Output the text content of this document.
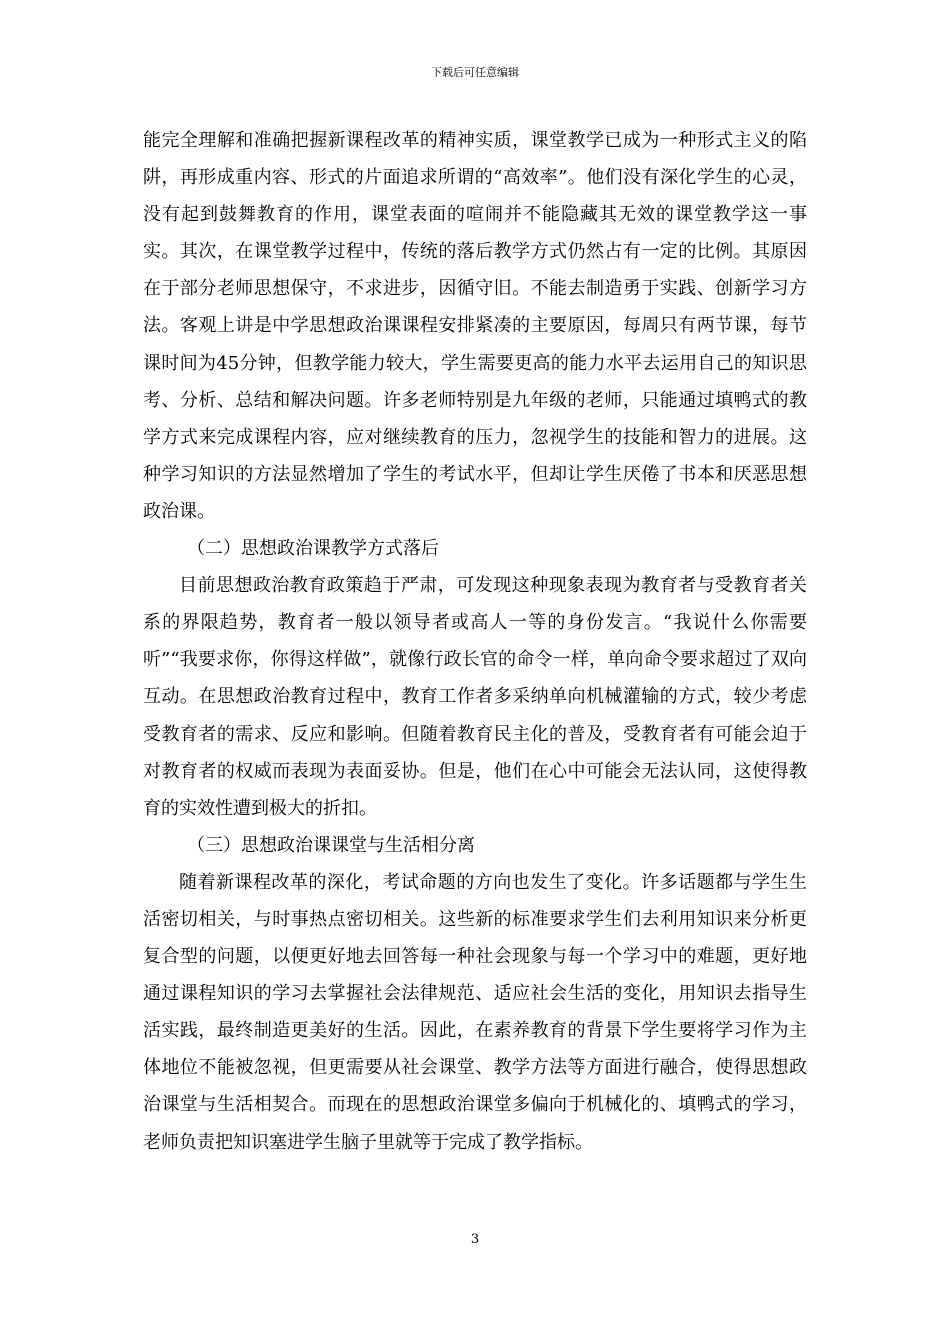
下载后可任意编辑

能完全理解和准确把握新课程改革的精神实质，课堂教学已成为一种形式主义的陷阱，再形成重内容、形式的片面追求所谓的“高效率”。他们没有深化学生的心灵，没有起到鼓舞教育的作用，课堂表面的喧闹并不能隐藏其无效的课堂教学这一事实。其次，在课堂教学过程中，传统的落后教学方式仍然占有一定的比例。其原因在于部分老师思想保守，不求进步，因循守旧。不能去制造勇于实践、创新学习方法。客观上讲是中学思想政治课课程安排紧凑的主要原因，每周只有两节课，每节课时间为45分钟，但教学能力较大，学生需要更高的能力水平去运用自己的知识思考、分析、总结和解决问题。许多老师特别是九年级的老师，只能通过填鸭式的教学方式来完成课程内容，应对继续教育的压力，忽视学生的技能和智力的进展。这种学习知识的方法显然增加了学生的考试水平，但却让学生厌倦了书本和厌恶思想政治课。

（二）思想政治课教学方式落后

目前思想政治教育政策趋于严肃，可发现这种现象表现为教育者与受教育者关系的界限趋势，教育者一般以领导者或高人一等的身份发言。“我说什么你需要听”“我要求你，你得这样做”，就像行政长官的命令一样，单向命令要求超过了双向互动。在思想政治教育过程中，教育工作者多采纳单向机械灌输的方式，较少考虑受教育者的需求、反应和影响。但随着教育民主化的普及，受教育者有可能会迫于对教育者的权威而表现为表面妥协。但是，他们在心中可能会无法认同，这使得教育的实效性遭到极大的折扣。

（三）思想政治课课堂与生活相分离

随着新课程改革的深化，考试命题的方向也发生了变化。许多话题都与学生生活密切相关，与时事热点密切相关。这些新的标准要求学生们去利用知识来分析更复合型的问题，以便更好地去回答每一种社会现象与每一个学习中的难题，更好地通过课程知识的学习去掌握社会法律规范、适应社会生活的变化，用知识去指导生活实践，最终制造更美好的生活。因此，在素养教育的背景下学生要将学习作为主体地位不能被忽视，但更需要从社会课堂、教学方法等方面进行融合，使得思想政治课堂与生活相契合。而现在的思想政治课堂多偏向于机械化的、填鸭式的学习，老师负责把知识塞进学生脑子里就等于完成了教学指标。

3
